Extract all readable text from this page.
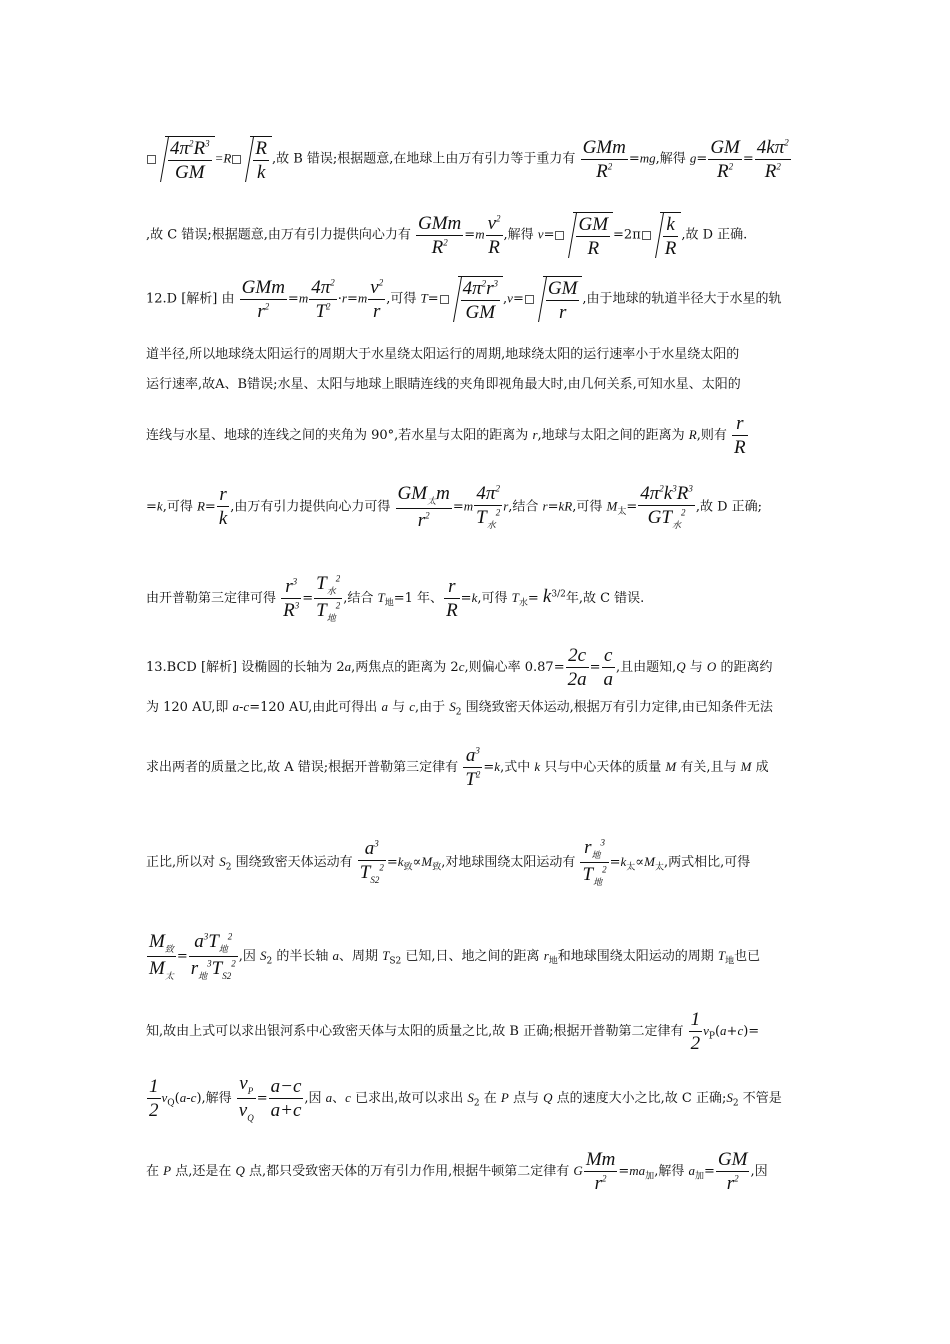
$\frac{4\pi^2R^3}{GM} =R \frac{R}{k}$ ,故 B 错误;根据题意,在地球上由万有引力等于重力有 $\frac{\text{GMm}}{R^2} =mg$,解得 $g= \frac{GM}{R^2} = \frac{4k\pi^2}{R^2}$
,故 C 错误;根据题意,由万有引力提供向心力有 $\frac{\text{GMm}}{R^2} =m \frac{v^2}{R}$ ,解得 $v= \frac{GM}{R} =2\pi \frac{k}{R}$ ,故 D 正确.
12.D [解析] 由 $\frac{\text{GMm}}{r^2} =m \frac{4\pi^2}{T^2} \cdot r=m \frac{v^2}{r}$ ,可得 $T= \frac{4\pi^2r^3}{GM} ,v= \frac{GM}{r}$ ,由于地球的轨道半径大于水星的轨
道半径,所以地球绕太阳运行的周期大于水星绕太阳运行的周期,地球绕太阳的运行速率小于水星绕太阳的
运行速率,故A、B错误;水星、太阳与地球上眼睛连线的夹角即视角最大时,由几何关系,可知水星、太阳的
连线与水星、地球的连线之间的夹角为 90°,若水星与太阳的距离为 r,地球与太阳之间的距离为 R,则有 $\frac{r}{R}$
=k,可得 $R= \frac{r}{k}$ ,由万有引力提供向心力可得 $\frac{GM_太m}{r^2} =m \frac{4\pi^2}{T_水^2} r$,结合 r=kR,可得 $M_太= \frac{4\pi^2k^3R^3}{GT_水^2}$ ,故 D 正确;
由开普勒第三定律可得 $\frac{r^3}{R^3} = \frac{T_水^2}{T_地^2}$ ,结合 $T_地=1$ 年、 $\frac{r}{R} =k$,可得 $T_水= k^{3/2}$年,故 C 错误.
13.BCD [解析] 设椭圆的长轴为 2a,两焦点的距离为 2c,则偏心率 $0.87= \frac{2c}{2a} = \frac{c}{a}$ ,且由题知,Q 与 O 的距离约
为 120 AU,即 a-c=120 AU,由此可得出 a 与 c,由于 $S_2$ 围绕致密天体运动,根据万有引力定律,由已知条件无法
求出两者的质量之比,故 A 错误;根据开普勒第三定律有 $\frac{a^3}{T^2} =k$,式中 k 只与中心天体的质量 M 有关,且与 M 成
正比,所以对 $S_2$ 围绕致密天体运动有 $\frac{a^3}{T_{S2}^2} =k_致\propto M_致$,对地球围绕太阳运动有 $\frac{r_地^3}{T_地^2} =k_太\propto M_太$,两式相比,可得
$\frac{M_致}{M_太} = \frac{a^3T_地^2}{r_地^3T_{S2}^2}$ ,因 $S_2$ 的半长轴 a、周期 $T_{S2}$ 已知,日、地之间的距离 $r_地$和地球围绕太阳运动的周期 $T_地$也已
知,故由上式可以求出银河系中心致密天体与太阳的质量之比,故 B 正确;根据开普勒第二定律有 $\frac{1}{2} v_P(a+c)=$
$\frac{1}{2} v_Q(a-c)$,解得 $\frac{v_P}{v_Q} = \frac{a-c}{a+c}$ ,因 a、c 已求出,故可以求出 $S_2$ 在 P 点与 Q 点的速度大小之比,故 C 正确$;S_2$ 不管是
在 P 点,还是在 Q 点,都只受致密天体的万有引力作用,根据牛顿第二定律有 G $\frac{Mm}{r^2} =ma_加$,解得 $a_加= \frac{GM}{r^2}$ ,因
